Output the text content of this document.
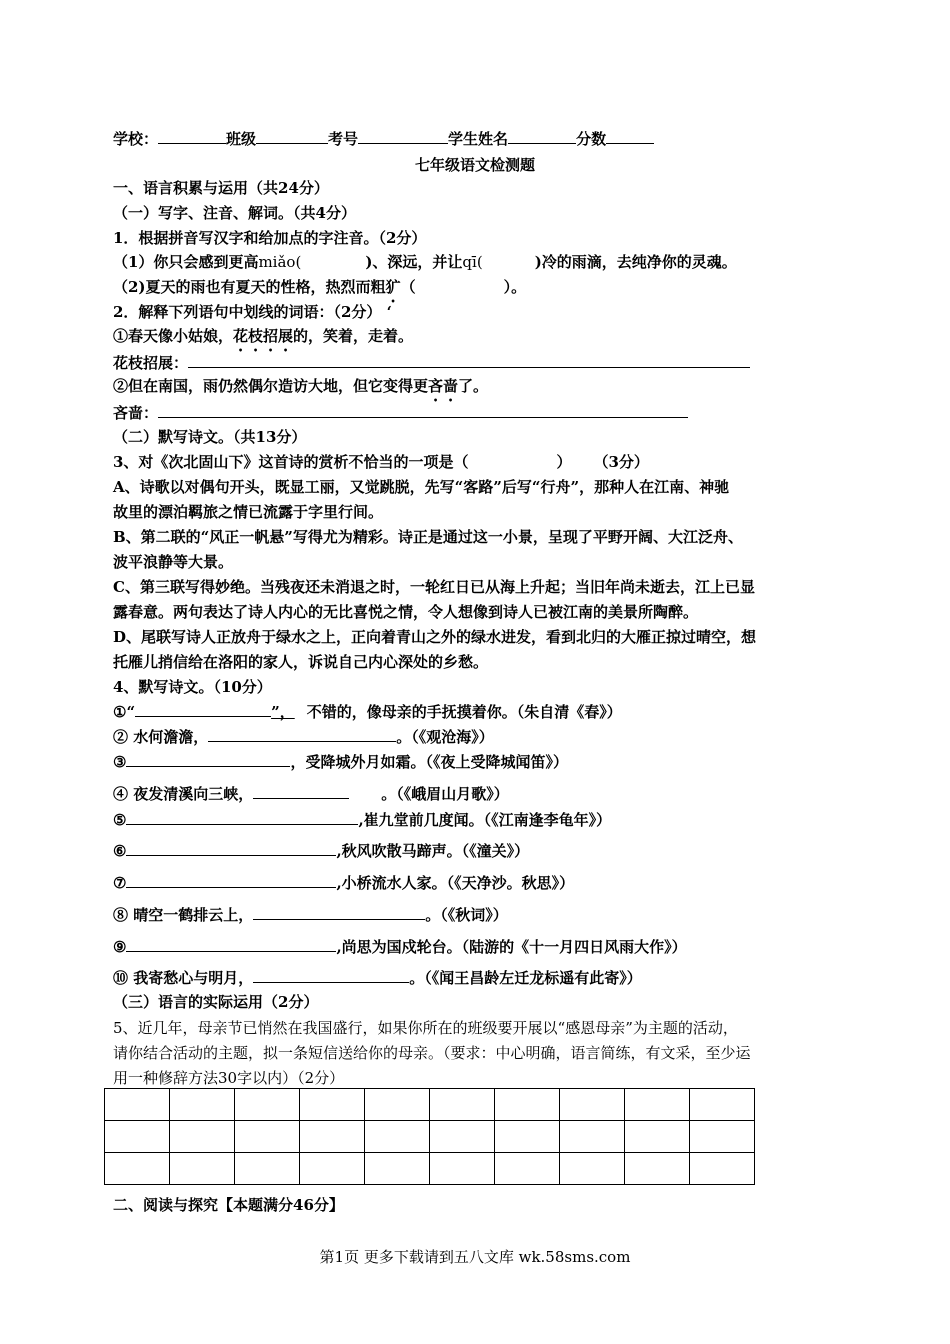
学校：	班级	考号	学生姓名	分数
七年级语文检测题
一、语言积累与运用（共24分）
（一）写字、注音、解词。（共4分）
1．根据拼音写汉字和给加点的字注音。（2分）
（1）你只会感到更高miǎo(	)、深远，并让qī(	)冷的雨滴，去纯净你的灵魂。
（2)夏天的雨也有夏天的性格，热烈而粗犷（	）。
2．解释下列语句中划线的词语：（2分） ‘
①春天像小姑娘，花枝招展的，笑着，走着。
花枝招展：
②但在南国，雨仍然偶尔造访大地，但它变得更吝啬了。
吝啬：
（二）默写诗文。（共13分）
3、对《次北固山下》这首诗的赏析不恰当的一项是（	） （3分）
A、诗歌以对偶句开头，既显工丽，又觉跳脱，先写“客路”后写“行舟”，那种人在江南、神驰
故里的漂泊羁旅之情已流露于字里行间。
B、第二联的“风正一帆悬”写得尤为精彩。诗正是通过这一小景，呈现了平野开阔、大江泛舟、
波平浪静等大景。
C、第三联写得妙绝。当残夜还未消退之时，一轮红日已从海上升起；当旧年尚未逝去，江上已显
露春意。两句表达了诗人内心的无比喜悦之情，令人想像到诗人已被江南的美景所陶醉。
D、尾联写诗人正放舟于绿水之上，正向着青山之外的绿水进发，看到北归的大雁正掠过晴空，想
托雁儿捎信给在洛阳的家人，诉说自己内心深处的乡愁。
4、默写诗文。（10分）
①“	”， 不错的，像母亲的手抚摸着你。（朱自清《春》）
② 水何澹澹，	。（《观沧海》）
③	，受降城外月如霜。（《夜上受降城闻笛》）
④ 夜发清溪向三峡，	。（《峨眉山月歌》）
⑤	,崔九堂前几度闻。（《江南逢李龟年》）
⑥	,秋风吹散马蹄声。（《潼关》）
⑦	,小桥流水人家。（《天净沙。秋思》）
⑧ 晴空一鹤排云上，	。（《秋词》）
⑨	,尚思为国戍轮台。（陆游的《十一月四日风雨大作》）
⑩ 我寄愁心与明月，	。（《闻王昌龄左迁龙标遥有此寄》）
（三）语言的实际运用（2分）
5、近几年，母亲节已悄然在我国盛行，如果你所在的班级要开展以“感恩母亲”为主题的活动，
请你结合活动的主题，拟一条短信送给你的母亲。（要求：中心明确，语言简练，有文采，至少运
用一种修辞方法30字以内）（2分）

二、阅读与探究【本题满分46分】
第1页 更多下载请到五八文库 wk.58sms.com
